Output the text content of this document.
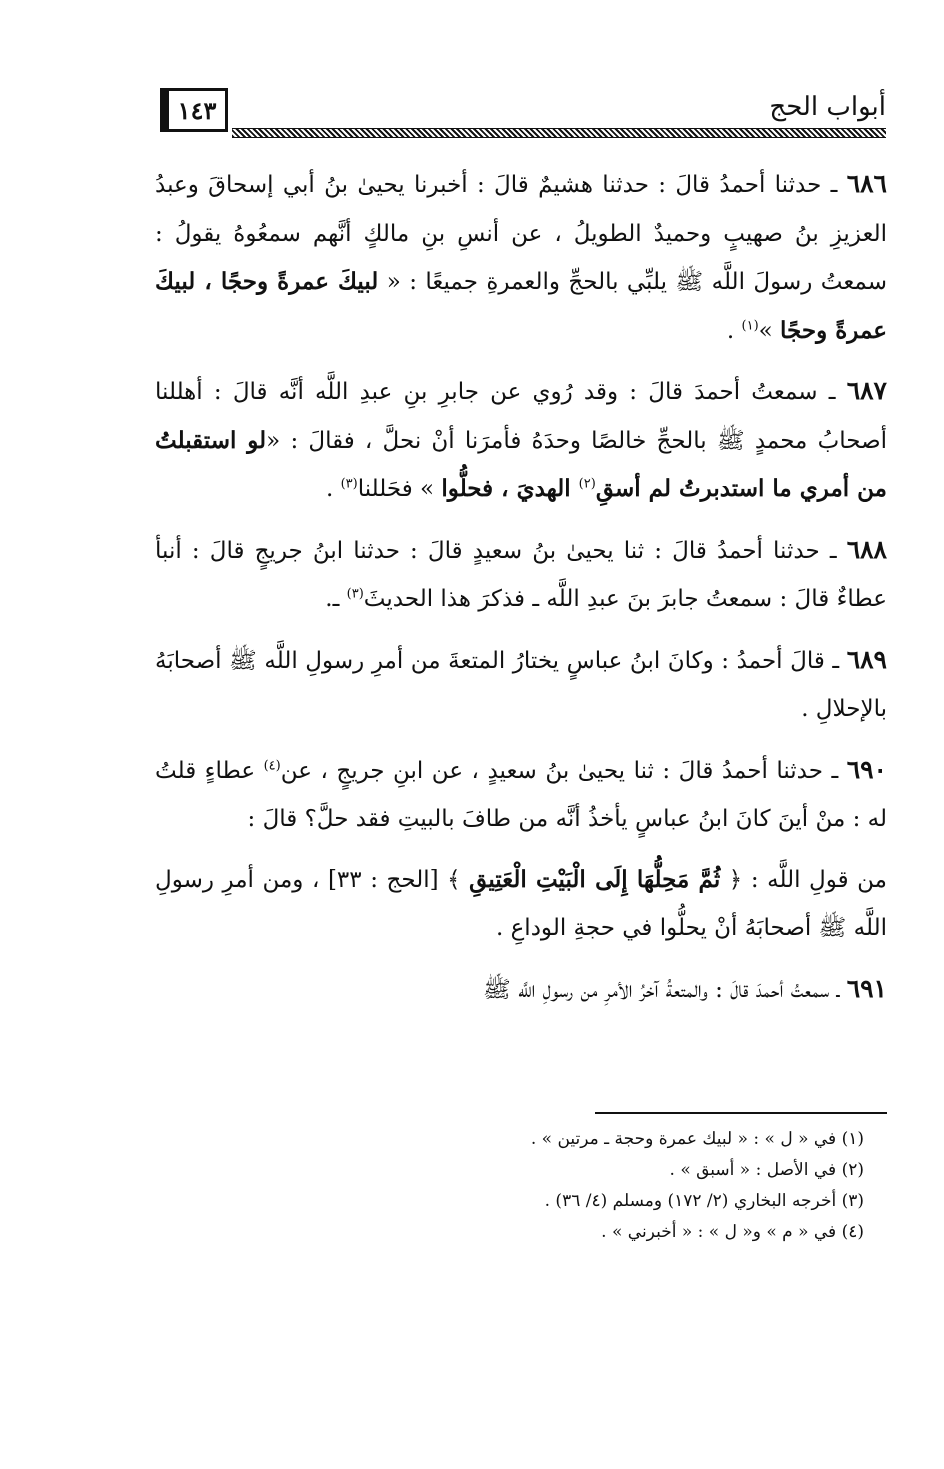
١٤٣	أبواب الحج

٦٨٦ ـ حدثنا أحمدُ قالَ : حدثنا هشيمٌ قالَ : أخبرنا يحيىٰ بنُ أبي إسحاقَ وعبدُ العزيزِ بنُ صهيبٍ وحميدٌ الطويلُ ، عن أنسِ بنِ مالكٍ أنَّهم سمعُوهُ يقولُ : سمعتُ رسولَ اللَّه ﷺ يلبِّي بالحجِّ والعمرةِ جميعًا : « لبيكَ عمرةً وحجًا ، لبيكَ عمرةً وحجًا »$^{(١)}$ .

٦٨٧ ـ سمعتُ أحمدَ قالَ : وقد رُوي عن جابرِ بنِ عبدِ اللَّه أنَّه قالَ : أهللنا أصحابُ محمدٍ ﷺ بالحجِّ خالصًا وحدَهُ فأمرَنا أنْ نحلَّ ، فقالَ : «لو استقبلتُ من أمري ما استدبرتُ لم أسقِ$^{(٢)}$ الهديَ ، فحلُّوا » فحَللنا$^{(٣)}$ .

٦٨٨ ـ حدثنا أحمدُ قالَ : ثنا يحيىٰ بنُ سعيدٍ قالَ : حدثنا ابنُ جريجٍ قالَ : أنبأ عطاءٌ قالَ : سمعتُ جابرَ بنَ عبدِ اللَّه ـ فذكرَ هذا الحديثَ$^{(٣)}$ ـ.

٦٨٩ ـ قالَ أحمدُ : وكانَ ابنُ عباسٍ يختارُ المتعةَ من أمرِ رسولِ اللَّه ﷺ أصحابَهُ بالإحلالِ .

٦٩٠ ـ حدثنا أحمدُ قالَ : ثنا يحيىٰ بنُ سعيدٍ ، عن ابنِ جريجٍ ، عن$^{(٤)}$ عطاءٍ قلتُ له : منْ أينَ كانَ ابنُ عباسٍ يأخذُ أنَّه من طافَ بالبيتِ فقد حلَّ؟ قالَ :

من قولِ اللَّه : ﴿ ثُمَّ مَحِلُّهَا إِلَى الْبَيْتِ الْعَتِيقِ ﴾ [الحج : ٣٣] ، ومن أمرِ رسولِ اللَّه ﷺ أصحابَهُ أنْ يحلُّوا في حجةِ الوداعِ .

٦٩١ ـ سمعتُ أحمدَ قالَ : والمتعةُ آخرُ الأمرِ من رسولِ اللَّه ﷺ

(١) في « ل » : « لبيك عمرة وحجة ـ مرتين » .

(٢) في الأصل : « أسبق » .

(٣) أخرجه البخاري (٢/ ١٧٢) ومسلم (٤/ ٣٦) .

(٤) في « م » و« ل » : « أخبرني » .
